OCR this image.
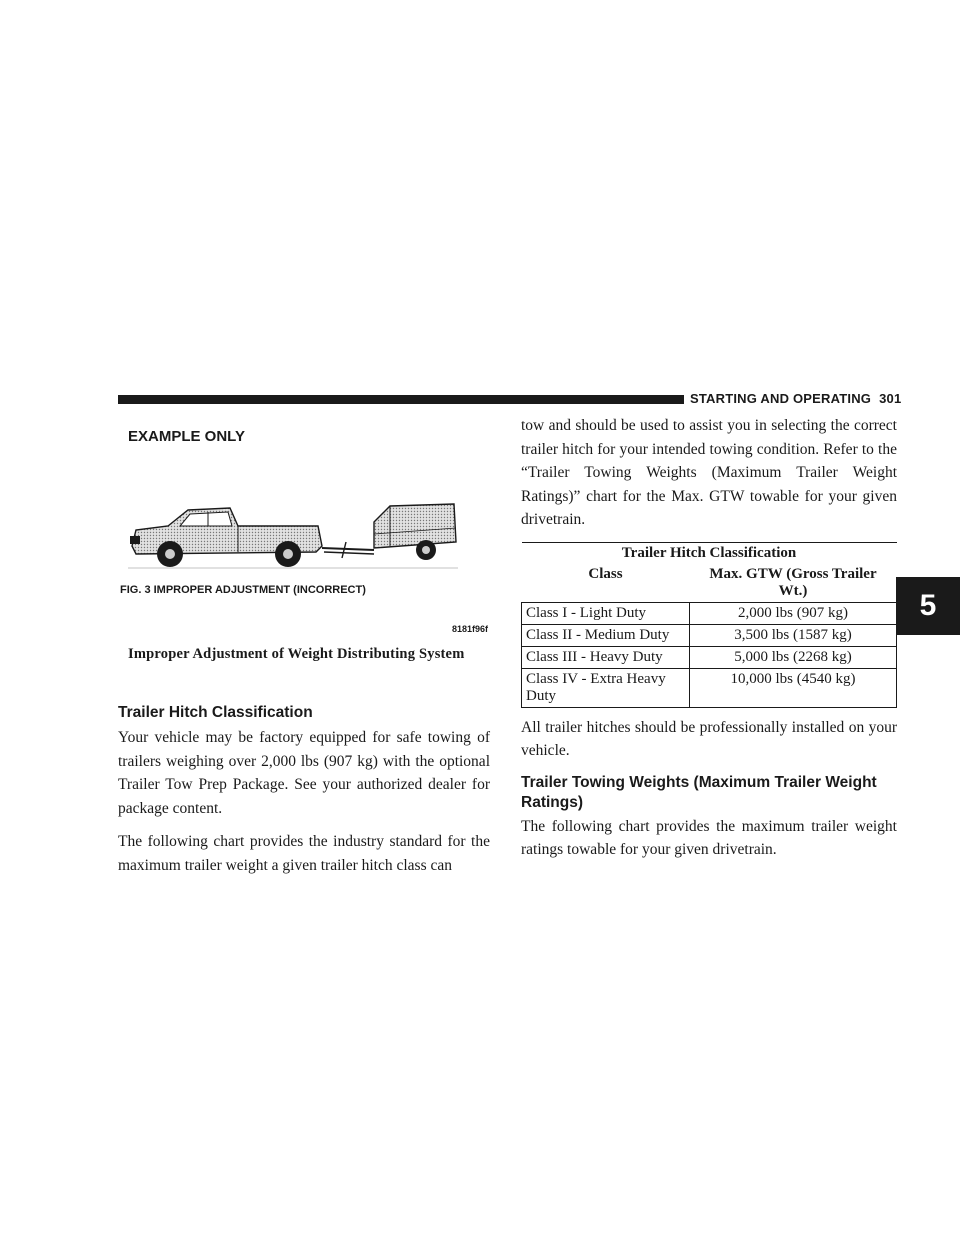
STARTING AND OPERATING 301
5
EXAMPLE ONLY
FIG. 3 IMPROPER ADJUSTMENT (INCORRECT)
8181f96f
Improper Adjustment of Weight Distributing System
Trailer Hitch Classification

Your vehicle may be factory equipped for safe towing of trailers weighing over 2,000 lbs (907 kg) with the optional Trailer Tow Prep Package. See your authorized dealer for package content.

The following chart provides the industry standard for the maximum trailer weight a given trailer hitch class can

tow and should be used to assist you in selecting the correct trailer hitch for your intended towing condition. Refer to the “Trailer Towing Weights (Maximum Trailer Weight Ratings)” chart for the Max. GTW towable for your given drivetrain.

Trailer Hitch Classification	
Class	Max. GTW (Gross Trailer Wt.)
Class I - Light Duty	2,000 lbs (907 kg)
Class II - Medium Duty	3,500 lbs (1587 kg)
Class III - Heavy Duty	5,000 lbs (2268 kg)
Class IV - Extra Heavy Duty	10,000 lbs (4540 kg)

All trailer hitches should be professionally installed on your vehicle.

Trailer Towing Weights (Maximum Trailer Weight Ratings)

The following chart provides the maximum trailer weight ratings towable for your given drivetrain.
